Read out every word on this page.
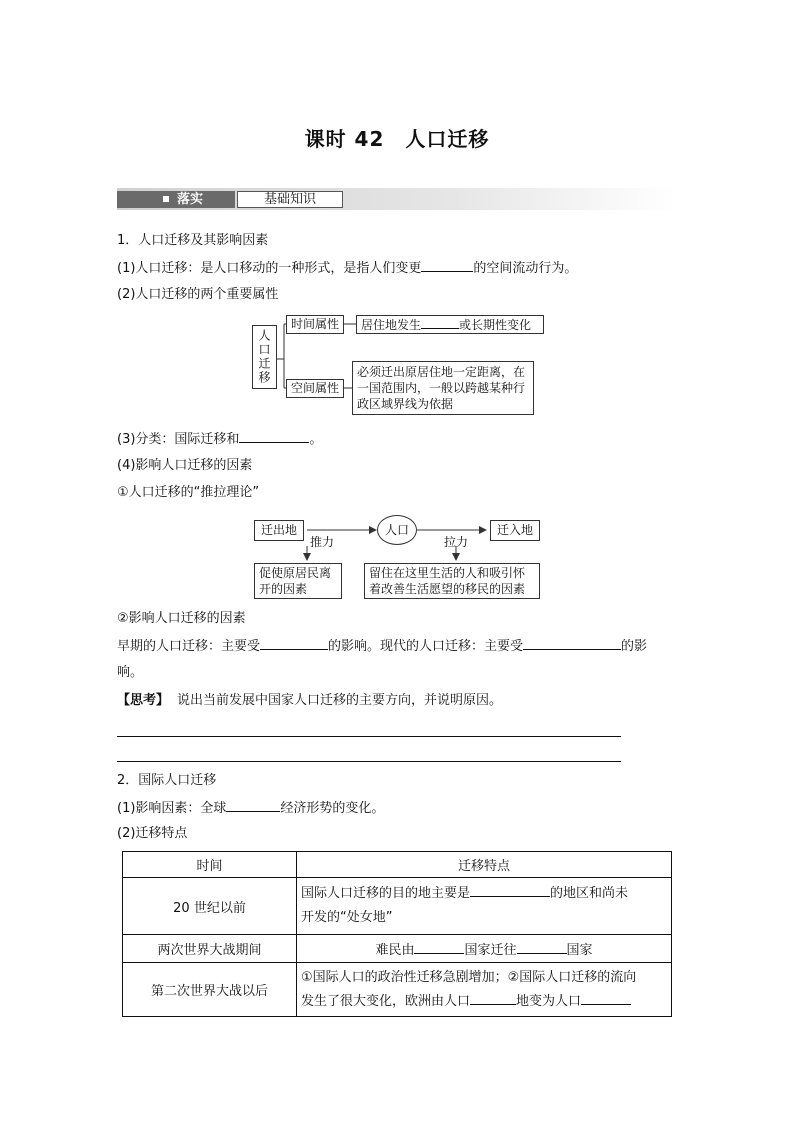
课时 42　人口迁移
落实	基础知识
1．人口迁移及其影响因素
(1)人口迁移：是人口移动的一种形式，是指人们变更	的空间流动行为。
(2)人口迁移的两个重要属性
人口迁移
时间属性	居住地发生	或长期性变化
空间属性
必须迁出原居住地一定距离，在一国范围内，一般以跨越某种行政区域界线为依据
(3)分类：国际迁移和	。
(4)影响人口迁移的因素
①人口迁移的“推拉理论”
迁出地	人口	迁入地
推力	拉力
促使原居民离开的因素
留住在这里生活的人和吸引怀着改善生活愿望的移民的因素
②影响人口迁移的因素
早期的人口迁移：主要受	的影响。现代的人口迁移：主要受	的影
响。
【思考】 说出当前发展中国家人口迁移的主要方向，并说明原因。
2．国际人口迁移
(1)影响因素：全球	经济形势的变化。
(2)迁移特点
时间	迁移特点
20 世纪以前	国际人口迁移的目的地主要是 的地区和尚未
开发的“处女地”
两次世界大战期间	难民由 国家迁往 国家
第二次世界大战以后	①国际人口的政治性迁移急剧增加；②国际人口迁移的流向
发生了很大变化，欧洲由人口 地变为人口
